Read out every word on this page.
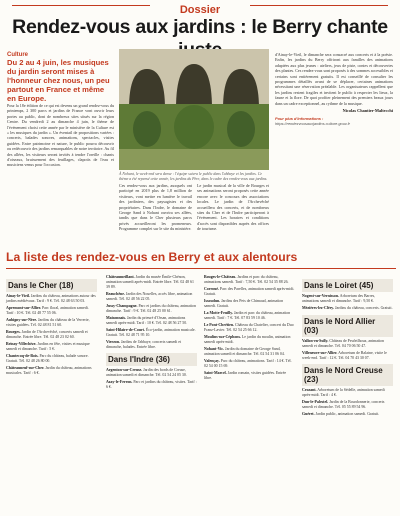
Dossier
Rendez-vous aux jardins : le Berry chante
Culture
Du 2 au 4 juin, les musiques du jardin seront mises à l'honneur chez nous, un peu partout en France et même en Europe.
Pour la 18e édition de ce qui est devenu un grand rendez-vous du printemps, 2 300 parcs et jardins de France vont ouvrir leurs portes au public, dont de nombreux sites situés sur la région Centre. Du vendredi 2 au dimanche 4 juin, le thème de l'événement choisi cette année par le ministère de la Culture est « les musiques du jardin ». Un éventail de propositions variées : concerts, balades sonores, animations, spectacles, visites guidées. Entre patrimoine et nature, le public pourra découvrir ou redécouvrir des jardins remarquables de notre territoire. Au fil des allées, les visiteurs seront invités à tendre l'oreille : chants d'oiseaux, bruissement des feuillages, clapotis de l'eau et musiciens venus pour l'occasion.
À Nohant, le week-end sera dense : l'équipe suivra le public dans l'abbaye et les jardins. Ce thème a été repensé cette année, les jardins du Père, dans le cadre des rendez-vous aux jardins.
Ces rendez-vous aux jardins, auxquels ont participé en 2019 plus de 1,8 million de visiteurs, vont mettre en lumière le travail des jardiniers, des paysagistes et des propriétaires. Dans l'Indre, le domaine de George Sand à Nohant ouvrira ses allées, tandis que dans le Cher plusieurs parcs privés accueilleront les promeneurs. Programme complet sur le site du ministère.
Le jardin musical de la ville de Bourges et ses animations seront proposés cette année encore avec le concours des associations locales. Le jardin de l'Archevêché accueillera des concerts, et de nombreux sites du Cher et de l'Indre participeront à l'événement. Les horaires et conditions d'accès sont disponibles auprès des offices de tourisme.
d'Ainay-le-Vieil, le dimanche sera consacré aux concerts et à la poésie. Enfin, les jardins du Berry offriront aux familles des animations adaptées aux plus jeunes : ateliers, jeux de piste, contes et découvertes des plantes. Ces rendez-vous sont proposés à des sommes accessibles et certains sont entièrement gratuits. Il est conseillé de consulter les programmes détaillés avant de se déplacer, certaines animations nécessitant une réservation préalable. Les organisateurs rappellent que les jardins restent fragiles et invitent le public à respecter les lieux, la faune et la flore. De quoi profiter pleinement des premiers beaux jours dans un cadre exceptionnel, au rythme de la musique.
Nicolas Chantier-Maltecchi
Pour plus d'informations : https://rendezvousauxjardins.culture.gouv.fr
La liste des rendez-vous en Berry et aux alentours
Dans le Cher (18)
Ainay-le-Vieil. Jardins du château, animations autour des jardins médiévaux. Tarif : 9 €. Tél. 02 48 63 50 03.
Apremont-sur-Allier. Parc floral, animation samedi. Tarif : 10 €. Tél. 02 48 77 55 06.
Aubigny-sur-Nère. Jardins du château de la Verrerie, visites guidées. Tél. 02 48 81 51 60.
Bourges. Jardin de l'Archevêché, concerts samedi et dimanche. Entrée libre. Tél. 02 48 23 02 60.
Brinay-Villechèze. Jardins en fête, visites et musique samedi et dimanche. Tarif : 5 €.
Chantecoq-de-Bois. Parc du château, balade sonore. Gratuit. Tél. 02 48 26 80 00.
Châteauneuf-sur-Cher. Jardin du château, animations musicales. Tarif : 6 €.
Châteaumeillant. Jardin du musée Émile-Chénon, animation samedi après-midi. Entrée libre. Tél. 02 48 61 39 89.
Beauchêne. Jardin des Nouelles, accès libre, animation samedi. Tél. 02 48 56 22 05.
Jussy-Champagne. Parc et jardins du château, animation dimanche. Tarif : 9 €. Tél. 02 48 25 00 61.
Maisonnais. Jardin du prieuré d'Orsan, animations samedi après-midi. Tarif : 10 €. Tél. 02 48 56 27 50.
Saint-Hilaire-de-Court. Éco-jardin, animation musicale. Gratuit. Tél. 02 48 71 95 10.
Vierzon. Jardins de l'abbaye, concerts samedi et dimanche, balades. Entrée libre.
Dans l'Indre (36)
Argenton-sur-Creuse. Jardin des bords de Creuse, animation samedi et dimanche. Tél. 02 54 24 05 30.
Azay-le-Ferron. Parc et jardins du château, visites. Tarif : 6 €.
Bouges-le-Château. Jardins et parc du château, animations samedi. Tarif : 7,50 €. Tél. 02 54 35 88 26.
Corroué. Parc des Parelles, animation samedi après-midi. Gratuit.
Issoudun. Jardins des Pets de Chimaud, animation samedi. Gratuit.
La Motte-Feuilly. Jardin et parc du château, animation samedi. Tarif : 7 €. Tél. 07 83 59 10 46.
Le Pont-Chrétien. Château du Chatelier, concert du Duo Franz-Lavier. Tél. 02 54 25 66 12.
Moulins-sur-Céphons. Le jardin du moulin, animation samedi après-midi.
Nohant-Vic. Jardin du domaine de George Sand, animation samedi et dimanche. Tél. 02 54 31 06 04.
Valençay. Parc du château, animations. Tarif : 14 €. Tél. 02 54 00 15 69.
Saint-Marcel. Jardin romain, visites guidées. Entrée libre.
Dans le Loiret (45)
Nogent-sur-Vernisson. Arboretum des Barres, animations samedi et dimanche. Tarif : 9,50 €.
Mézières-lez-Cléry. Jardins du château, concerts. Gratuit.
Dans le Nord Allier (03)
Vallon-en-Sully. Château de Peufeilhoux, animation samedi et dimanche. Tél. 04 70 06 50 47.
Villeneuve-sur-Allier. Arboretum de Balaine, visite le week-end. Tarif : 12 €. Tél. 04 70 43 30 07.
Dans le Nord Creuse (23)
Crozant. Arboretum de la Sédelle, animation samedi après-midi. Tarif : 4 €.
Dun-le-Palestel. Jardin de la Bourdonnerie, concerts samedi et dimanche. Tél. 05 55 89 54 96.
Guéret. Jardin public, animation samedi. Gratuit.
